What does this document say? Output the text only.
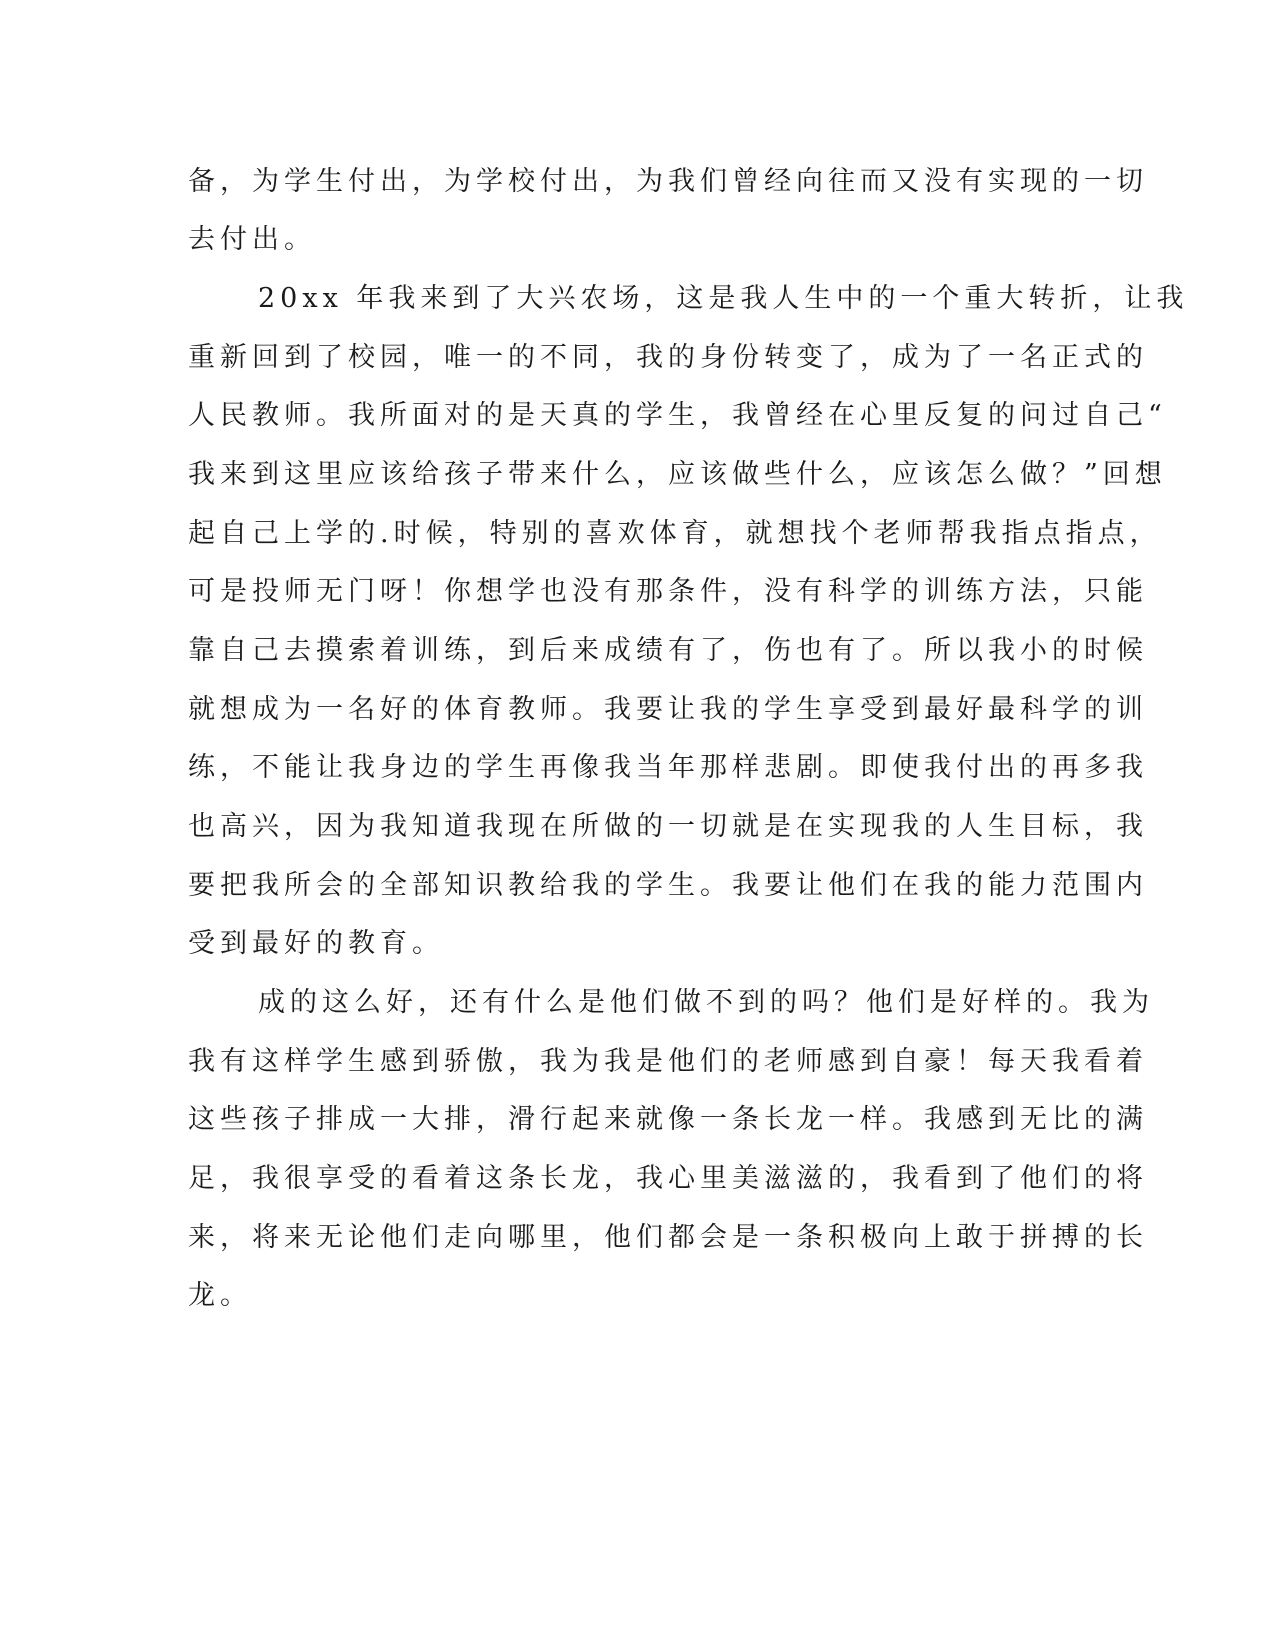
备，为学生付出，为学校付出，为我们曾经向往而又没有实现的一切
去付出。
20xx 年我来到了大兴农场，这是我人生中的一个重大转折，让我
重新回到了校园，唯一的不同，我的身份转变了，成为了一名正式的
人民教师。我所面对的是天真的学生，我曾经在心里反复的问过自己“
我来到这里应该给孩子带来什么，应该做些什么，应该怎么做？”回想
起自己上学的.时候，特别的喜欢体育，就想找个老师帮我指点指点，
可是投师无门呀！你想学也没有那条件，没有科学的训练方法，只能
靠自己去摸索着训练，到后来成绩有了，伤也有了。所以我小的时候
就想成为一名好的体育教师。我要让我的学生享受到最好最科学的训
练，不能让我身边的学生再像我当年那样悲剧。即使我付出的再多我
也高兴，因为我知道我现在所做的一切就是在实现我的人生目标，我
要把我所会的全部知识教给我的学生。我要让他们在我的能力范围内
受到最好的教育。
成的这么好，还有什么是他们做不到的吗？他们是好样的。我为
我有这样学生感到骄傲，我为我是他们的老师感到自豪！每天我看着
这些孩子排成一大排，滑行起来就像一条长龙一样。我感到无比的满
足，我很享受的看着这条长龙，我心里美滋滋的，我看到了他们的将
来，将来无论他们走向哪里，他们都会是一条积极向上敢于拼搏的长
龙。
